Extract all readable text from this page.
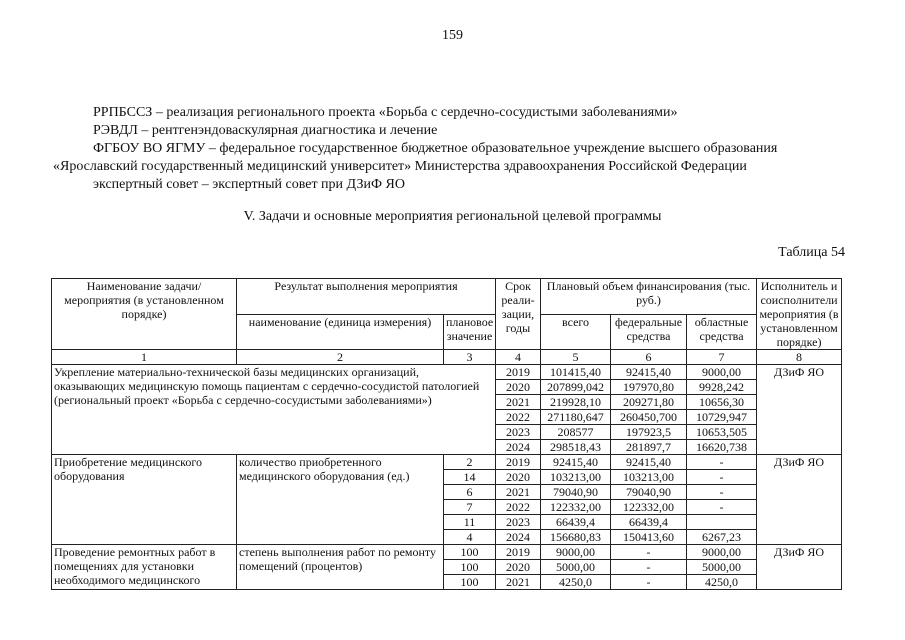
159
РРПБССЗ – реализация регионального проекта «Борьба с сердечно-сосудистыми заболеваниями»
РЭВДЛ – рентгенэндоваскулярная диагностика и лечение
ФГБОУ ВО ЯГМУ – федеральное государственное бюджетное образовательное учреждение высшего образования
«Ярославский государственный медицинский университет» Министерства здравоохранения Российской Федерации
экспертный совет – экспертный совет при ДЗиФ ЯО
V. Задачи и основные мероприятия региональной целевой программы
Таблица 54
Наименование задачи/мероприятия (в установленном порядке)	Результат выполнения мероприятия		Срок реали- зации, годы	Плановый объем финансирования (тыс. руб.)			Исполнитель и соисполнители мероприятия (в установленном порядке)
	наименование (единица измерения)	плановое значение		всего	федеральные средства	областные средства	
1	2	3	4	5	6	7	8
Укрепление материально-технической базы медицинских организаций, оказывающих медицинскую помощь пациентам с сердечно-сосудистой патологией (региональный проект «Борьба с сердечно-сосудистыми заболеваниями»)			2019	101415,40	92415,40	9000,00	ДЗиФ ЯО
			2020	207899,042	197970,80	9928,242	
			2021	219928,10	209271,80	10656,30	
			2022	271180,647	260450,700	10729,947	
			2023	208577	197923,5	10653,505	
			2024	298518,43	281897,7	16620,738	
Приобретение медицинского оборудования	количество приобретенного медицинского оборудования (ед.)	2	2019	92415,40	92415,40	-	ДЗиФ ЯО
		14	2020	103213,00	103213,00	-	
		6	2021	79040,90	79040,90	-	
		7	2022	122332,00	122332,00	-	
		11	2023	66439,4	66439,4		
		4	2024	156680,83	150413,60	6267,23	
Проведение ремонтных работ в помещениях для установки необходимого медицинского	степень выполнения работ по ремонту помещений (процентов)	100	2019	9000,00	-	9000,00	ДЗиФ ЯО
		100	2020	5000,00	-	5000,00	
		100	2021	4250,0	-	4250,0	
